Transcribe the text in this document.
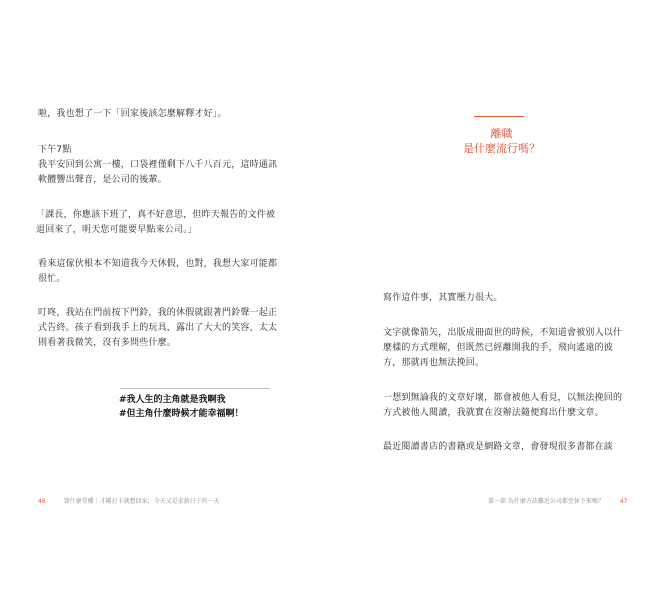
啦，我也想了一下「回家後該怎麼解釋才好」。
下午7點
我平安回到公寓一樓，口袋裡僅剩下八千八百元，這時通訊
軟體響出聲音，是公司的後輩。
「課長，你應該下班了，真不好意思，但昨天報告的文件被
退回來了，明天您可能要早點來公司。」
看來這傢伙根本不知道我今天休假，也對，我想大家可能都
很忙。
叮咚，我站在門前按下門鈴，我的休假就跟著門鈴聲一起正
式告終。孩子看到我手上的玩具，露出了大大的笑容，太太
則看著我微笑，沒有多問些什麼。
#我人生的主角就是我啊我
#但主角什麼時候才能幸福啊！
46	罪什麼堂種｜才剛打卡就想回家，今天又是求薪日子的一天
離職
是什麼流行嗎？
寫作這件事，其實壓力很大。
文字就像箭矢，出版成冊面世的時候，不知道會被別人以什
麼樣的方式理解，但既然已經離開我的手，飛向遙遠的彼
方，那就再也無法挽回。
一想到無論我的文章好壞，都會被他人看見，以無法挽回的
方式被他人閱讀，我就實在沒辦法隨便寫出什麼文章。
最近閱讀書店的書籍或是網路文章，會發現很多書都在談
第一部 為什麼方法難近公司都至休下來嗎？	47
